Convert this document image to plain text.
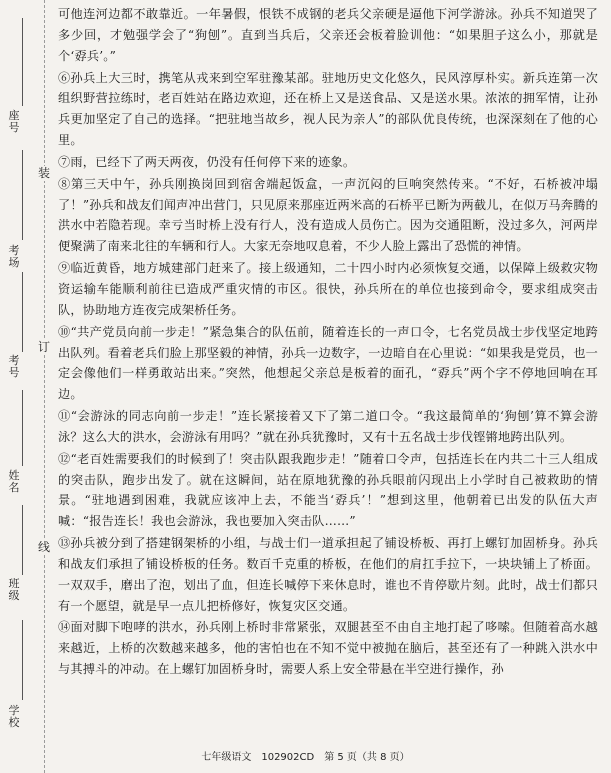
座号
考场
考号
姓名
班级
学校
装
订
线

可他连河边都不敢靠近。一年暑假，恨铁不成钢的老兵父亲硬是逼他下河学游泳。孙兵不知道哭了多少回，才勉强学会了“狗刨”。直到当兵后，父亲还会板着脸训他：“如果胆子这么小，那就是个‘孬兵’。”

⑥孙兵上大三时，携笔从戎来到空军驻豫某部。驻地历史文化悠久，民风淳厚朴实。新兵连第一次组织野营拉练时，老百姓站在路边欢迎，还在桥上又是送食品、又是送水果。浓浓的拥军情，让孙兵更加坚定了自己的选择。“把驻地当故乡，视人民为亲人”的部队优良传统，也深深刻在了他的心里。

⑦雨，已经下了两天两夜，仍没有任何停下来的迹象。

⑧第三天中午，孙兵刚换岗回到宿舍端起饭盒，一声沉闷的巨响突然传来。“不好，石桥被冲塌了！”孙兵和战友们闻声冲出营门，只见原来那座近两米高的石桥平已断为两截儿，在似万马奔腾的洪水中若隐若现。幸亏当时桥上没有行人，没有造成人员伤亡。因为交通阻断，没过多久，河两岸便聚满了南来北往的车辆和行人。大家无奈地叹息着，不少人脸上露出了恐慌的神情。

⑨临近黄昏，地方城建部门赶来了。接上级通知，二十四小时内必须恢复交通，以保障上级救灾物资运输车能顺利前往已造成严重灾情的市区。很快，孙兵所在的单位也接到命令，要求组成突击队，协助地方连夜完成架桥任务。

⑩“共产党员向前一步走！”紧急集合的队伍前，随着连长的一声口令，七名党员战士步伐坚定地跨出队列。看着老兵们脸上那坚毅的神情，孙兵一边数字，一边暗自在心里说：“如果我是党员，也一定会像他们一样勇敢站出来。”突然，他想起父亲总是板着的面孔，“孬兵”两个字不停地回响在耳边。

⑪“会游泳的同志向前一步走！”连长紧接着又下了第二道口令。“我这最简单的‘狗刨’算不算会游泳？这么大的洪水，会游泳有用吗？”就在孙兵犹豫时，又有十五名战士步伐铿锵地跨出队列。

⑫“老百姓需要我们的时候到了！突击队跟我跑步走！”随着口令声，包括连长在内共二十三人组成的突击队，跑步出发了。就在这瞬间，站在原地犹豫的孙兵眼前闪现出上小学时自己被救助的情景。“驻地遇到困难，我就应该冲上去，不能当‘孬兵’！”想到这里，他朝着已出发的队伍大声喊：“报告连长！我也会游泳，我也要加入突击队……”

⑬孙兵被分到了搭建钢架桥的小组，与战士们一道承担起了铺设桥板、再打上螺钉加固桥身。孙兵和战友们承担了铺设桥板的任务。数百千克重的桥板，在他们的肩扛手拉下，一块块铺上了桥面。一双双手，磨出了泡，划出了血，但连长喊停下来休息时，谁也不肯停歇片刻。此时，战士们都只有一个愿望，就是早一点儿把桥修好，恢复灾区交通。

⑭面对脚下咆哮的洪水，孙兵刚上桥时非常紧张，双腿甚至不由自主地打起了哆嗦。但随着高水越来越近，上桥的次数越来越多，他的害怕也在不知不觉中被抛在脑后，甚至还有了一种跳入洪水中与其搏斗的冲动。在上螺钉加固桥身时，需要人系上安全带悬在半空进行操作，孙

七年级语文　102902CD　第 5 页（共 8 页）
